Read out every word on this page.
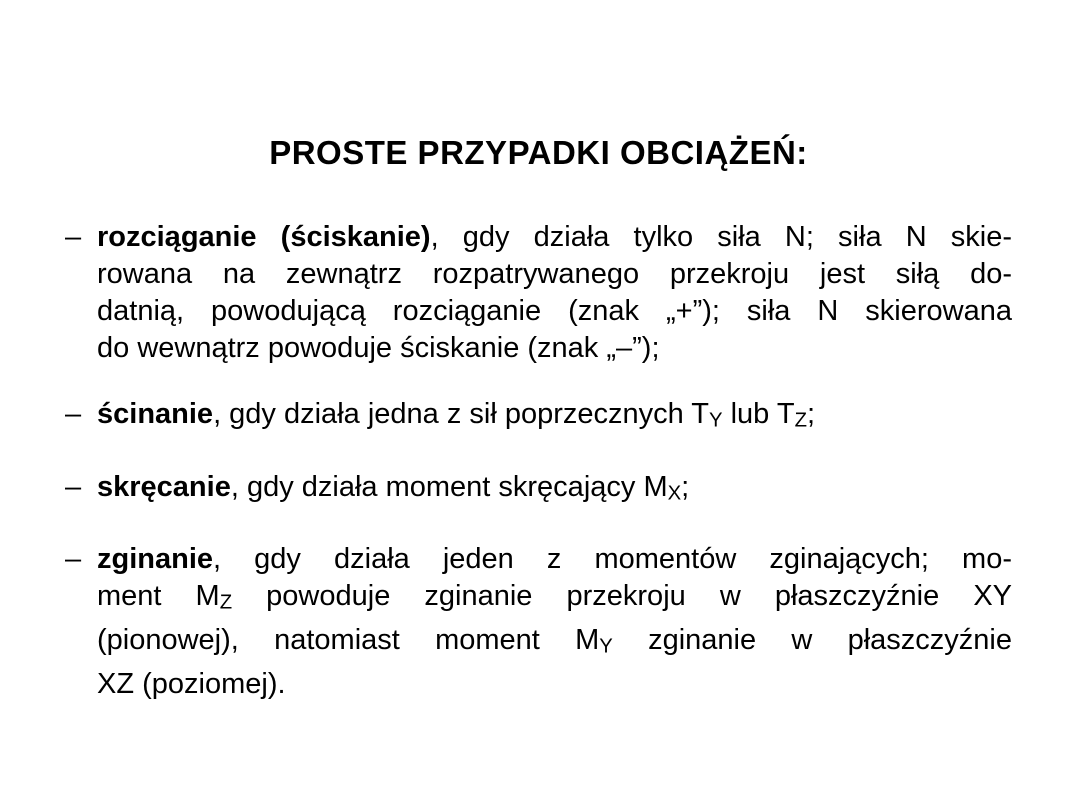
PROSTE PRZYPADKI OBCIĄŻEŃ:
– rozciąganie (ściskanie), gdy działa tylko siła N; siła N skie-
rowana na zewnątrz rozpatrywanego przekroju jest siłą do-
datnią, powodującą rozciąganie (znak „+”); siła N skierowana
do wewnątrz powoduje ściskanie (znak „–”);
– ścinanie, gdy działa jedna z sił poprzecznych TY lub TZ;
– skręcanie, gdy działa moment skręcający MX;
– zginanie, gdy działa jeden z momentów zginających; mo-
ment MZ powoduje zginanie przekroju w płaszczyźnie XY
(pionowej), natomiast moment MY zginanie w płaszczyźnie
XZ (poziomej).
